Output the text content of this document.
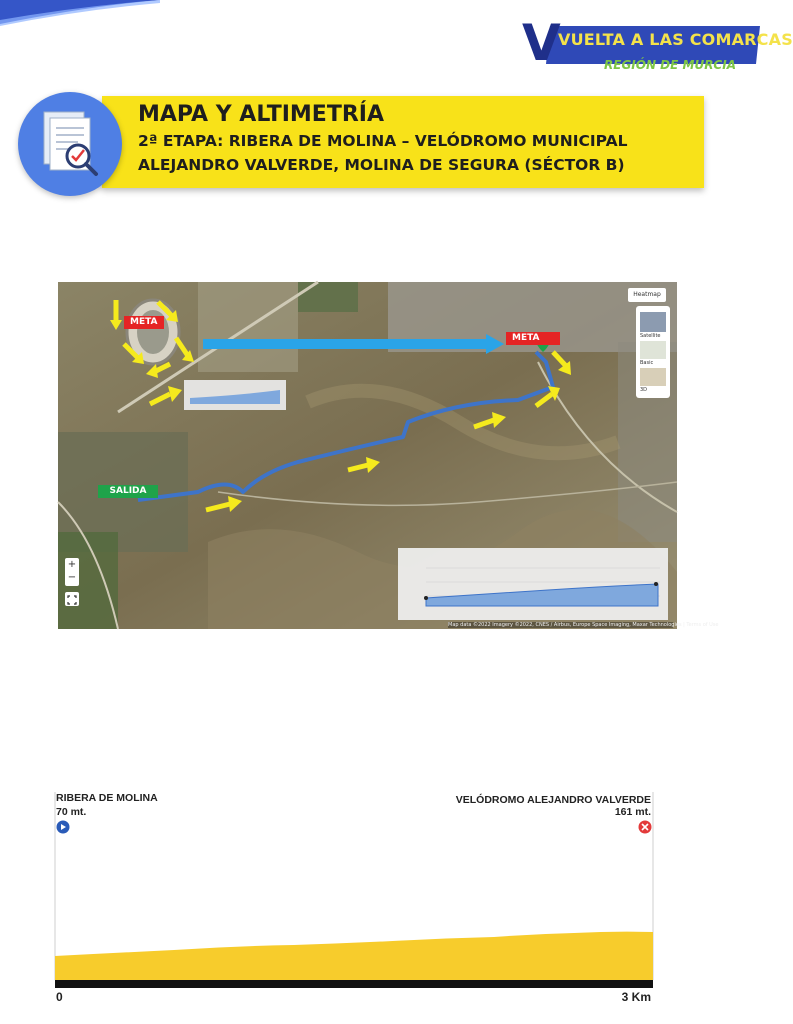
V
VUELTA A LAS COMARCAS
REGIÓN DE MURCIA
MAPA Y ALTIMETRÍA
2ª ETAPA: RIBERA DE MOLINA – VELÓDROMO MUNICIPAL
ALEJANDRO VALVERDE, MOLINA DE SEGURA (SÉCTOR B)
META
META
SALIDA
Heatmap
Satellite
Basic
3D
+
−
Map data ©2022 Imagery ©2022, CNES / Airbus, Europe Space Imaging, Maxar Technologies | Terms of Use
RIBERA DE MOLINA
70 mt.
VELÓDROMO ALEJANDRO VALVERDE
161 mt.
0	3 Km
